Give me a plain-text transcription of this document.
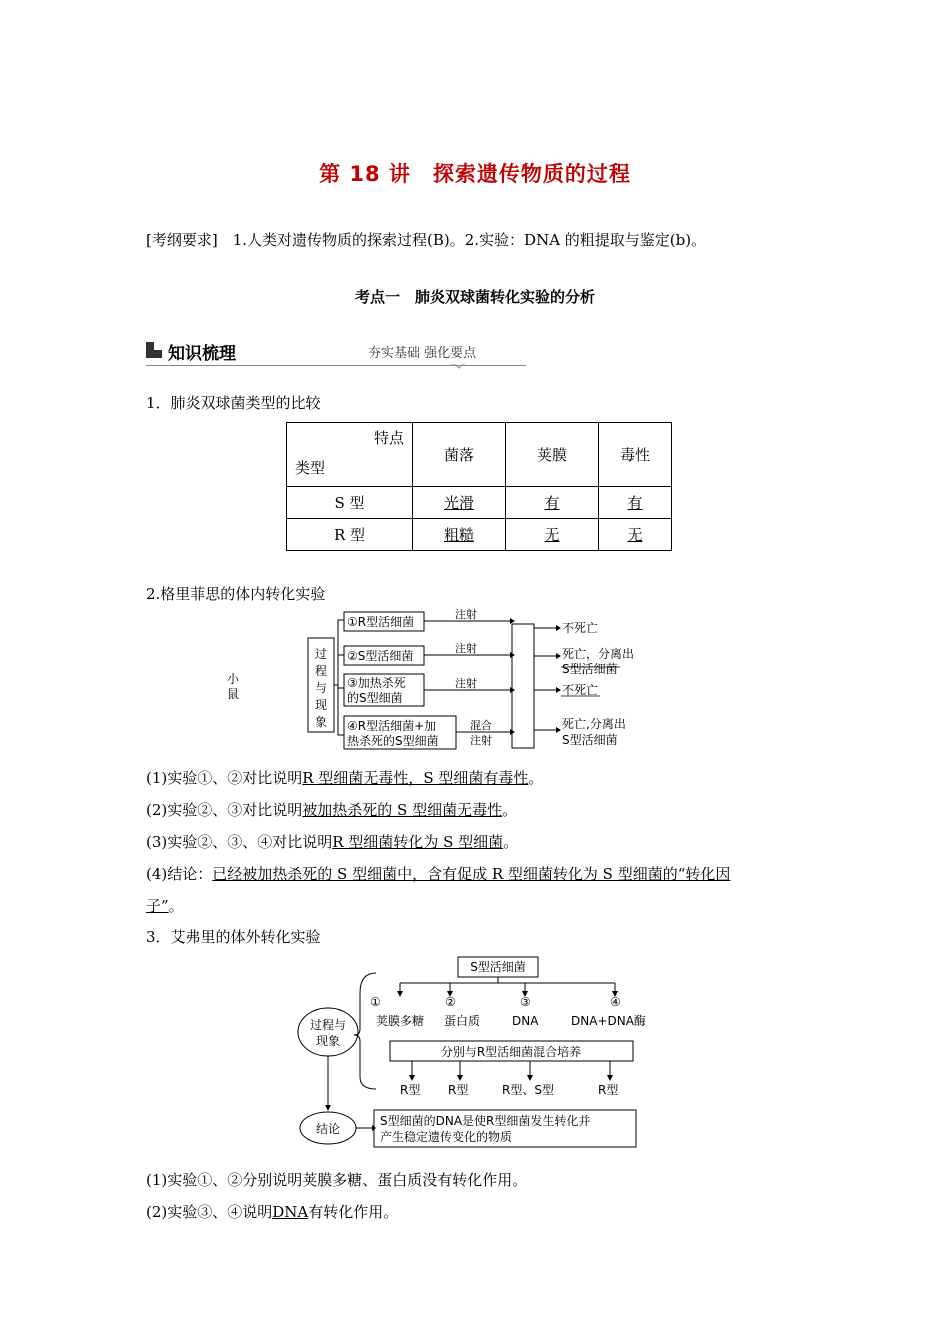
第 18 讲　探索遗传物质的过程
[考纲要求]　1.人类对遗传物质的探索过程(B)。2.实验：DNA 的粗提取与鉴定(b)。
考点一　肺炎双球菌转化实验的分析
知识梳理	夯实基础 强化要点
1．肺炎双球菌类型的比较
特点
类型	菌落	荚膜	毒性
S 型	光滑	有	有
R 型	粗糙	无	无
2.格里菲思的体内转化实验
过程与现象
①R型活细菌
②S型活细菌
③加热杀死
的S型细菌
④R型活细菌+加
热杀死的S型细菌
注射
注射
注射
混合
注射
不死亡
死亡，分离出
S型活细菌
不死亡
死亡,分离出
S型活细菌
小鼠
(1)实验①、②对比说明R 型细菌无毒性，S 型细菌有毒性。
(2)实验②、③对比说明被加热杀死的 S 型细菌无毒性。
(3)实验②、③、④对比说明R 型细菌转化为 S 型细菌。
(4)结论：已经被加热杀死的 S 型细菌中，含有促成 R 型细菌转化为 S 型细菌的“转化因
子”。
3．艾弗里的体外转化实验
S型活细菌
①	②	③	④
荚膜多糖 蛋白质	DNA	DNA+DNA酶
分别与R型活细菌混合培养
R型 R型	R型、S型	R型
过程与
现象
结论
S型细菌的DNA是使R型细菌发生转化并
产生稳定遗传变化的物质
(1)实验①、②分别说明荚膜多糖、蛋白质没有转化作用。
(2)实验③、④说明DNA有转化作用。
